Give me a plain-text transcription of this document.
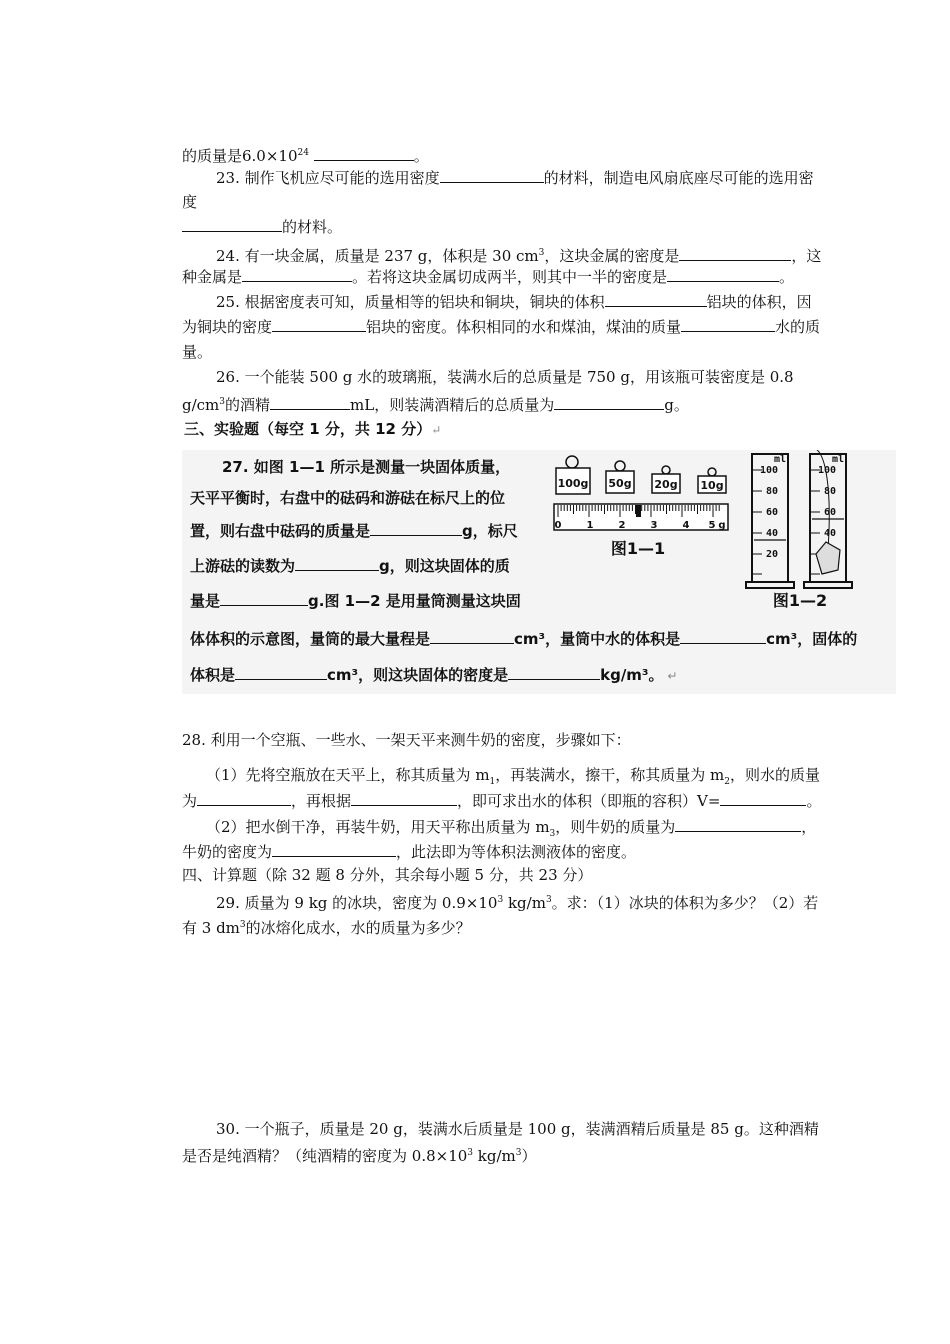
的质量是$6.0\times 10^{24}$	。
23. 制作飞机应尽可能的选用密度	的材料，制造电风扇底座尽可能的选用密
度
的材料。
24. 有一块金属，质量是 237 g，体积是 30 $cm^3$，这块金属的密度是	，这
种金属是	。若将这块金属切成两半，则其中一半的密度是	。
25. 根据密度表可知，质量相等的铝块和铜块，铜块的体积	铝块的体积，因
为铜块的密度	铝块的密度。体积相同的水和煤油，煤油的质量	水的质
量。
26. 一个能装 500 g 水的玻璃瓶，装满水后的总质量是 750 g，用该瓶可装密度是 0.8
$g/cm^3$的酒精	mL，则装满酒精后的总质量为	g。
三、实验题（每空 1 分，共 12 分）↵
27. 如图 1—1 所示是测量一块固体质量，
天平平衡时，右盘中的砝码和游砝在标尺上的位
置，则右盘中砝码的质量是	g，标尺
上游砝的读数为	g，则这块固体的质
量是	g.图 1—2 是用量筒测量这块固
体体积的示意图，量筒的最大量程是	cm³，量筒中水的体积是	cm³，固体的
体积是	cm³，则这块固体的密度是	kg/m³。 ↵
100g 50g 20g 10g
0	1	2	3	4 5 g
图1—1
ml
100
80
60
40
20
ml
100
80
60
40
图1—2
28. 利用一个空瓶、一些水、一架天平来测牛奶的密度，步骤如下：
（1）先将空瓶放在天平上，称其质量为 $m_1$，再装满水，擦干，称其质量为 $m_2$，则水的质量
为	，再根据	，即可求出水的体积（即瓶的容积）V=	。
（2）把水倒干净，再装牛奶，用天平称出质量为 $m_3$，则牛奶的质量为	，
牛奶的密度为	，此法即为等体积法测液体的密度。
四、计算题（除 32 题 8 分外，其余每小题 5 分，共 23 分）
29. 质量为 9 kg 的冰块，密度为 $0.9\times 10^3$ $kg/m^3$。求：（1）冰块的体积为多少？（2）若
有 3 $dm^3$的冰熔化成水，水的质量为多少？
30. 一个瓶子，质量是 20 g，装满水后质量是 100 g，装满酒精后质量是 85 g。这种酒精
是否是纯酒精？（纯酒精的密度为 $0.8\times 10^3$ $kg/m^3$）
